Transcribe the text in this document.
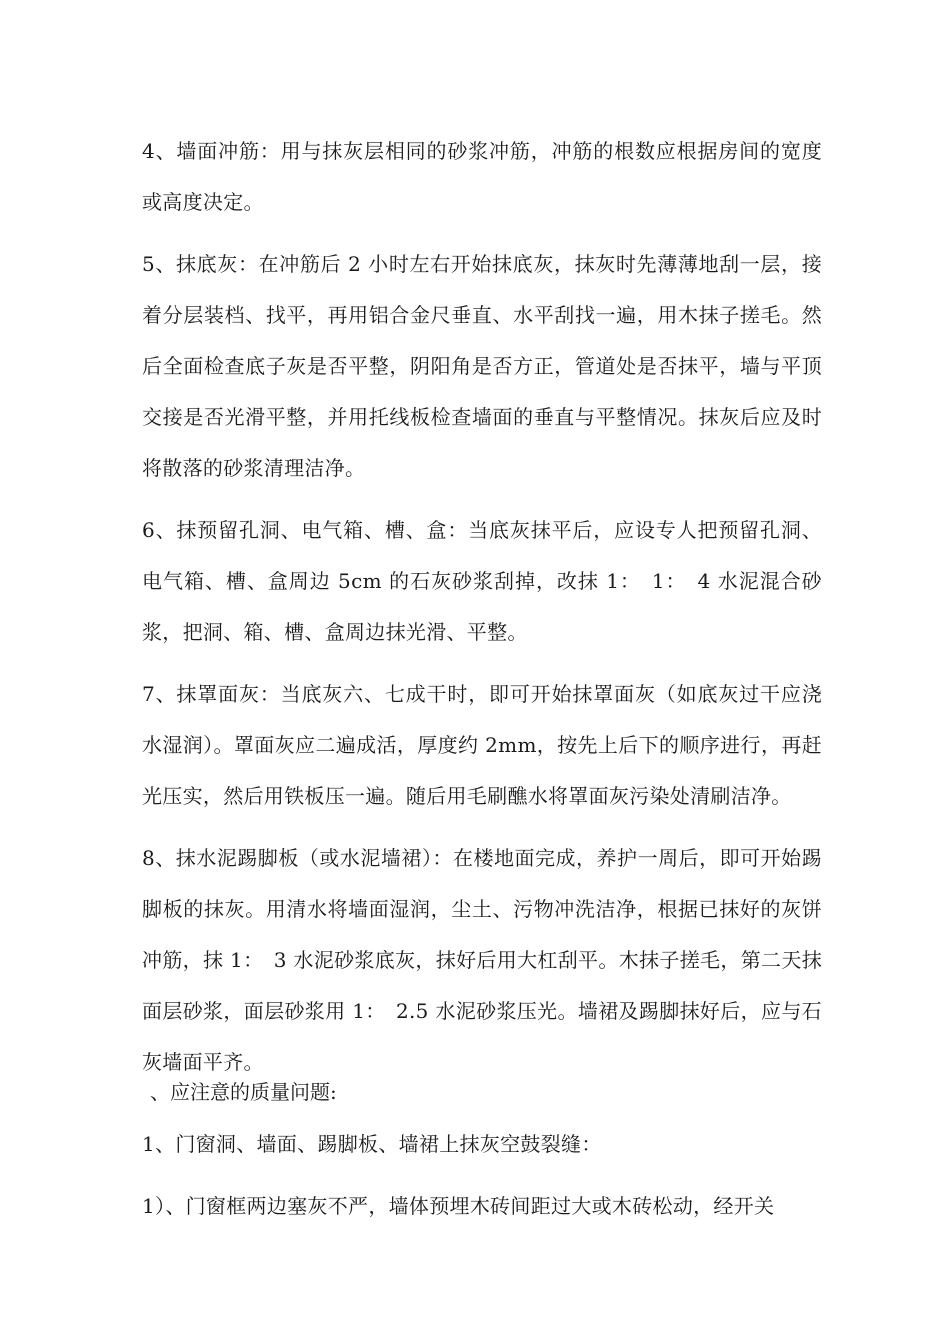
4、墙面冲筋：用与抹灰层相同的砂浆冲筋，冲筋的根数应根据房间的宽度或高度决定。

5、抹底灰：在冲筋后 2 小时左右开始抹底灰，抹灰时先薄薄地刮一层，接着分层装档、找平，再用铝合金尺垂直、水平刮找一遍，用木抹子搓毛。然后全面检查底子灰是否平整，阴阳角是否方正，管道处是否抹平，墙与平顶交接是否光滑平整，并用托线板检查墙面的垂直与平整情况。抹灰后应及时将散落的砂浆清理洁净。

6、抹预留孔洞、电气箱、槽、盒：当底灰抹平后，应设专人把预留孔洞、电气箱、槽、盒周边 5cm 的石灰砂浆刮掉，改抹 1：　1：　4 水泥混合砂浆，把洞、箱、槽、盒周边抹光滑、平整。

7、抹罩面灰：当底灰六、七成干时，即可开始抹罩面灰（如底灰过干应浇水湿润）。罩面灰应二遍成活，厚度约 2mm，按先上后下的顺序进行，再赶光压实，然后用铁板压一遍。随后用毛刷醮水将罩面灰污染处清刷洁净。

8、抹水泥踢脚板（或水泥墙裙）：在楼地面完成，养护一周后，即可开始踢脚板的抹灰。用清水将墙面湿润，尘土、污物冲洗洁净，根据已抹好的灰饼冲筋，抹 1：　3 水泥砂浆底灰，抹好后用大杠刮平。木抹子搓毛，第二天抹面层砂浆，面层砂浆用 1：　2.5 水泥砂浆压光。墙裙及踢脚抹好后，应与石灰墙面平齐。

、应注意的质量问题:

1、门窗洞、墙面、踢脚板、墙裙上抹灰空鼓裂缝：

1）、门窗框两边塞灰不严，墙体预埋木砖间距过大或木砖松动，经开关
